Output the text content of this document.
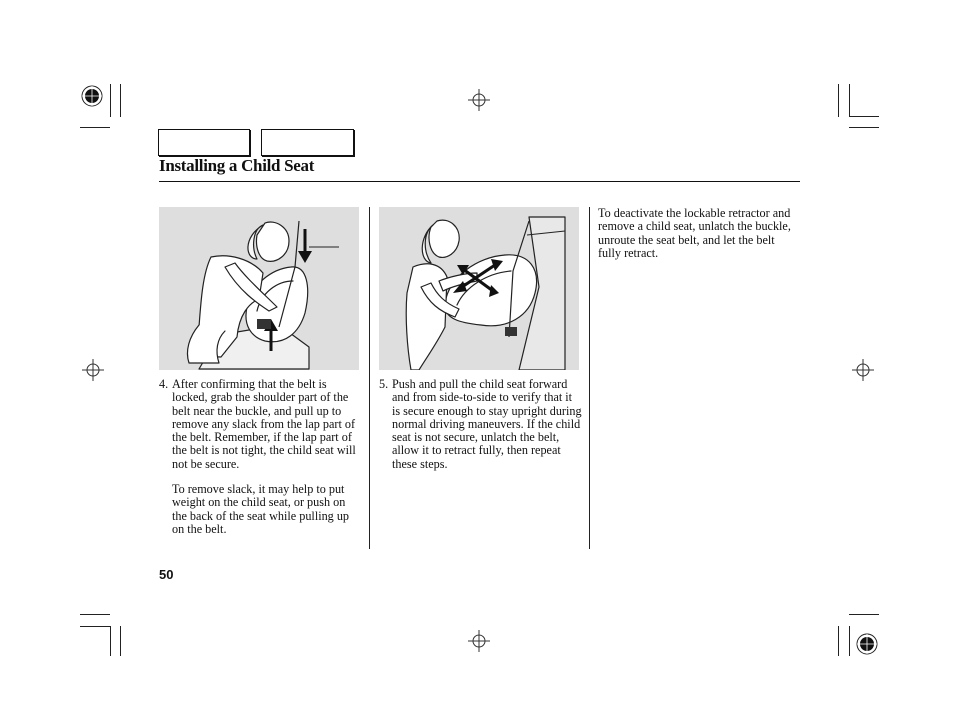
Installing a Child Seat
4. After confirming that the belt is locked, grab the shoulder part of the belt near the buckle, and pull up to remove any slack from the lap part of the belt. Remember, if the lap part of the belt is not tight, the child seat will not be secure.
To remove slack, it may help to put weight on the child seat, or push on the back of the seat while pulling up on the belt.
5. Push and pull the child seat forward and from side-to-side to verify that it is secure enough to stay upright during normal driving maneuvers. If the child seat is not secure, unlatch the belt, allow it to retract fully, then repeat these steps.
To deactivate the lockable retractor and remove a child seat, unlatch the buckle, unroute the seat belt, and let the belt fully retract.
50
